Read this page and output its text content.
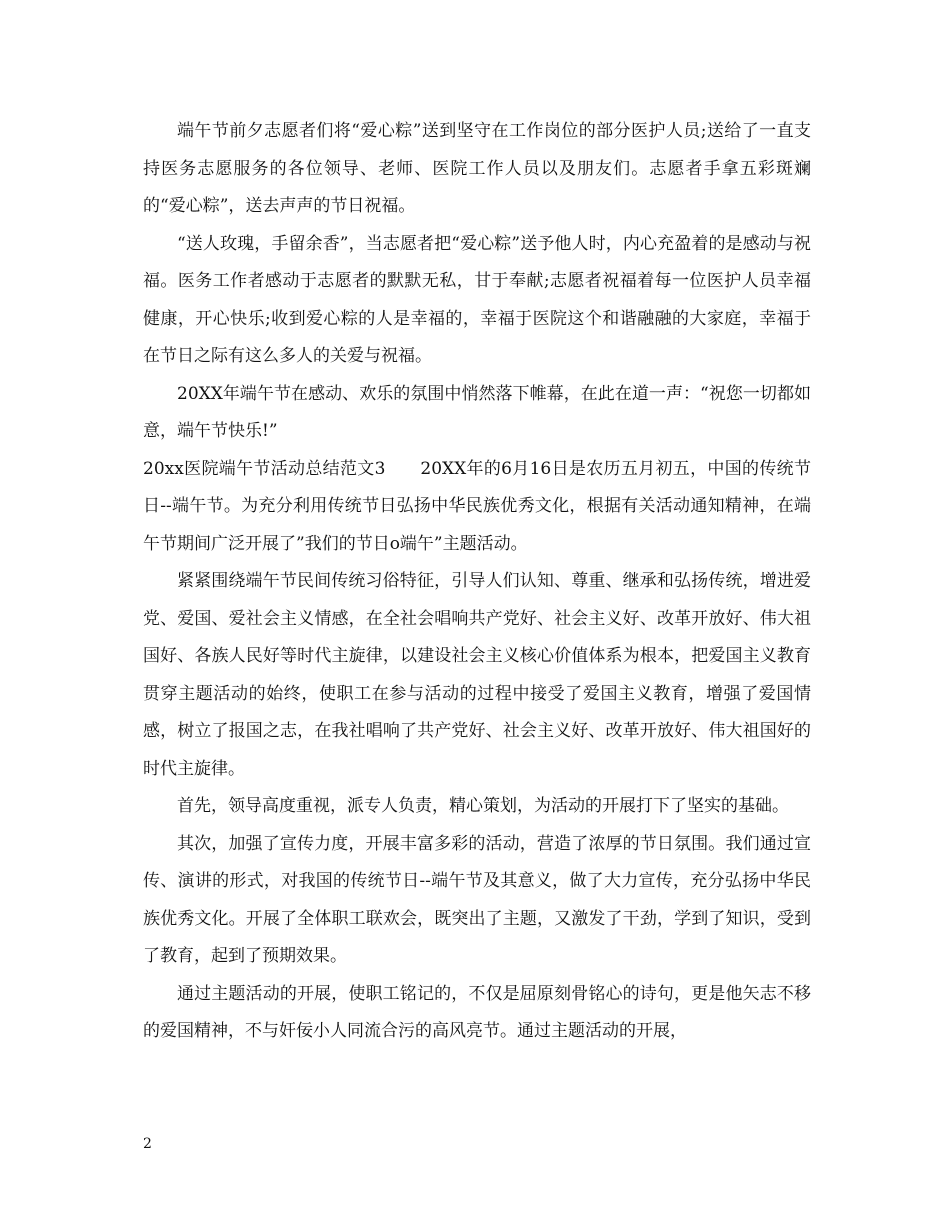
端午节前夕志愿者们将“爱心粽”送到坚守在工作岗位的部分医护人员;送给了一直支持医务志愿服务的各位领导、老师、医院工作人员以及朋友们。志愿者手拿五彩斑斓的“爱心粽”，送去声声的节日祝福。

“送人玫瑰，手留余香”，当志愿者把“爱心粽”送予他人时，内心充盈着的是感动与祝福。医务工作者感动于志愿者的默默无私，甘于奉献;志愿者祝福着每一位医护人员幸福健康，开心快乐;收到爱心粽的人是幸福的，幸福于医院这个和谐融融的大家庭，幸福于在节日之际有这么多人的关爱与祝福。

20XX年端午节在感动、欢乐的氛围中悄然落下帷幕，在此在道一声：“祝您一切都如意，端午节快乐!”

20xx医院端午节活动总结范文3　　20XX年的6月16日是农历五月初五，中国的传统节日--端午节。为充分利用传统节日弘扬中华民族优秀文化，根据有关活动通知精神，在端午节期间广泛开展了”我们的节日o端午”主题活动。

紧紧围绕端午节民间传统习俗特征，引导人们认知、尊重、继承和弘扬传统，增进爱党、爱国、爱社会主义情感，在全社会唱响共产党好、社会主义好、改革开放好、伟大祖国好、各族人民好等时代主旋律，以建设社会主义核心价值体系为根本，把爱国主义教育贯穿主题活动的始终，使职工在参与活动的过程中接受了爱国主义教育，增强了爱国情感，树立了报国之志，在我社唱响了共产党好、社会主义好、改革开放好、伟大祖国好的时代主旋律。

首先，领导高度重视，派专人负责，精心策划，为活动的开展打下了坚实的基础。

其次，加强了宣传力度，开展丰富多彩的活动，营造了浓厚的节日氛围。我们通过宣传、演讲的形式，对我国的传统节日--端午节及其意义，做了大力宣传，充分弘扬中华民族优秀文化。开展了全体职工联欢会，既突出了主题，又激发了干劲，学到了知识，受到了教育，起到了预期效果。

通过主题活动的开展，使职工铭记的，不仅是屈原刻骨铭心的诗句，更是他矢志不移的爱国精神，不与奸佞小人同流合污的高风亮节。通过主题活动的开展，

2
